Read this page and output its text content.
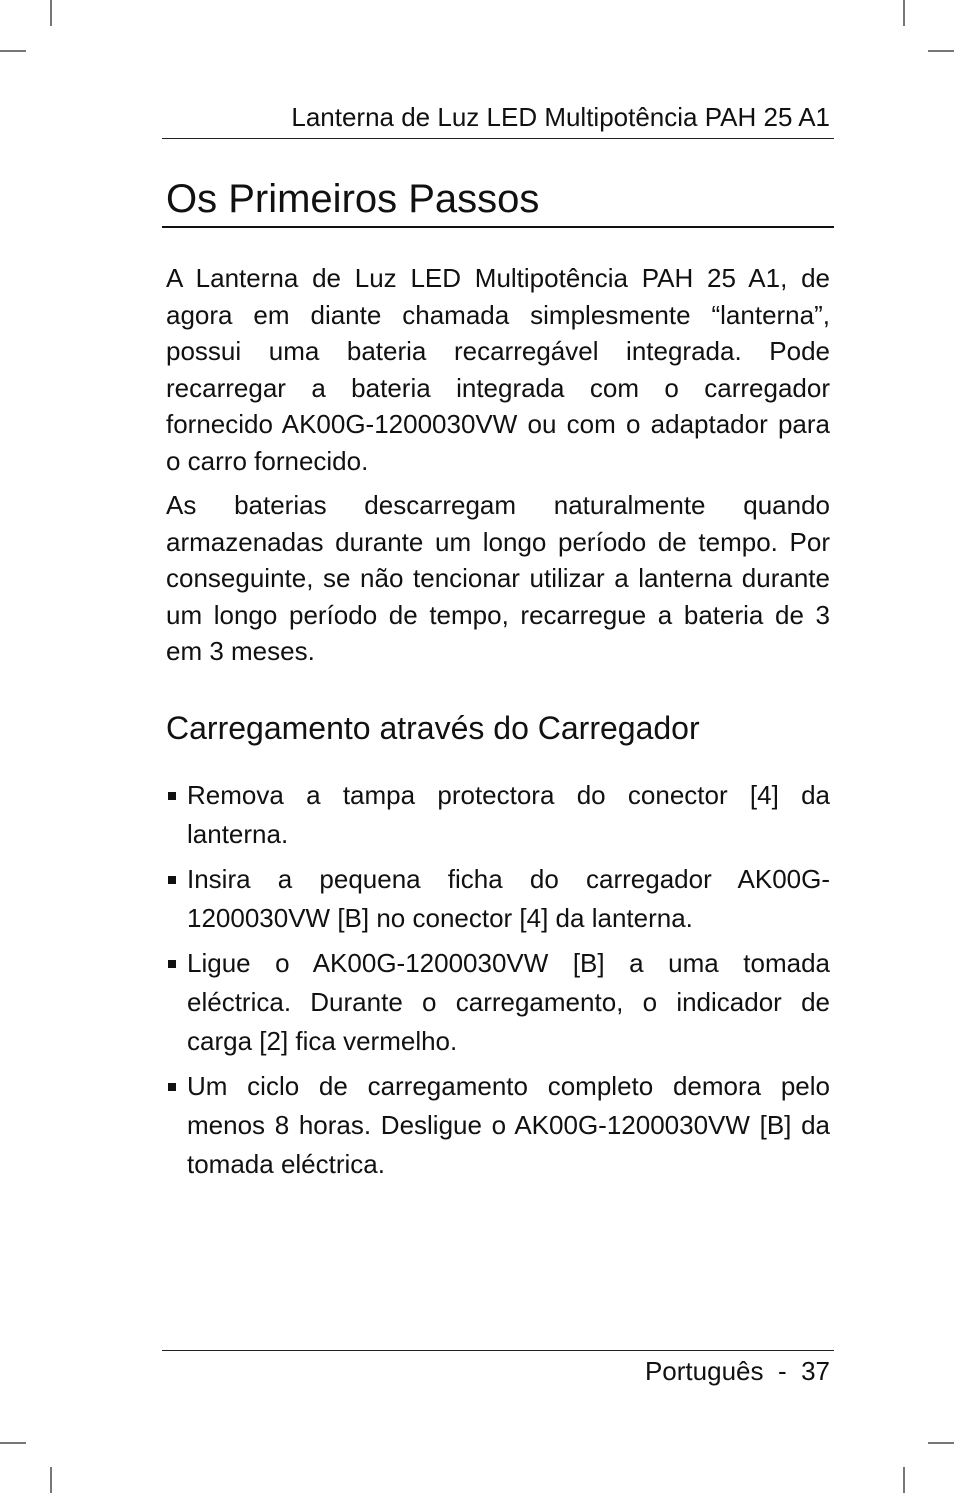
Lanterna de Luz LED Multipotência PAH 25 A1
Os Primeiros Passos

A Lanterna de Luz LED Multipotência PAH 25 A1, de agora em diante chamada simplesmente “lanterna”, possui uma bateria recarregável integrada. Pode recarregar a bateria integrada com o carregador fornecido AK00G-1200030VW ou com o adaptador para o carro fornecido.

As baterias descarregam naturalmente quando armazenadas durante um longo período de tempo. Por conseguinte, se não tencionar utilizar a lanterna durante um longo período de tempo, recarregue a bateria de 3 em 3 meses.

Carregamento através do Carregador
Remova a tampa protectora do conector [4] da lanterna.
Insira a pequena ficha do carregador AK00G-1200030VW [B] no conector [4] da lanterna.
Ligue o AK00G-1200030VW [B] a uma tomada eléctrica. Durante o carregamento, o indicador de carga [2] fica vermelho.
Um ciclo de carregamento completo demora pelo menos 8 horas. Desligue o AK00G-1200030VW [B] da tomada eléctrica.
Português - 37
